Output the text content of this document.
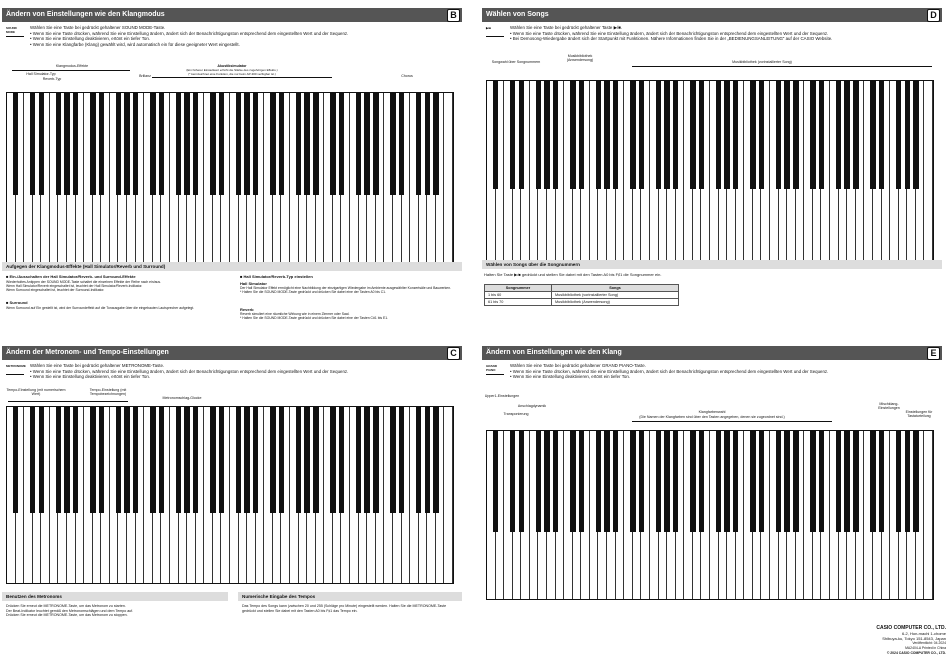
Ändern von Einstellungen wie den Klangmodus	B
SOUND MODE
Wählen Sie eine Taste bei gedrückt gehaltener SOUND MODE-Taste.
• Wenn Sie eine Taste drücken, während Sie eine Einstellung ändern, ändert sich der Benachrichtigungston entsprechend dem eingestellten Wert und der Sequenz.
• Wenn Sie eine Einstellung deaktivieren, ertönt ein tiefer Ton.
• Wenn Sie eine Klangfarbe (Klang) gewählt wird, wird automatisch ein für diese geeigneter Wert eingestellt.
Klangmodus-Effekte
Hall Simulator-Typ
Reverb-Typ
Brillanz
Akustiksimulator
(Ein höherer Einstellwert erhöht die Stärke des zugehörigen Effekts.)
(* kennzeichnet eine Funktion, die nur beim AP-300 verfügbar ist.)
Chorus
Aufgegen der Klangmodus-Effekte (Hall Simulator/Reverb und Surround)
■ Ein-/Ausschalten der Hall Simulator/Reverb- und Surround-Effekte
Wiederholtes Antippen der SOUND MODE-Taste schaltet die einzelnen Effekte der Reihe nach ein/aus.
Wenn Hall Simulator/Reverb eingeschaltet ist, leuchtet der Hall Simulator/Reverb-Indikator.
Wenn Surround eingeschaltet ist, leuchtet der Surround-Indikator.
■ Surround
Wenn Surround auf Ein gestellt ist, wird der Surroundeffekt auf die Tonausgabe über die eingebauten Lautsprecher aufgelegt.
■ Hall Simulator/Reverb-Typ einstellen
Hall Simulator
Der Hall Simulator Effekt ermöglicht eine Nachbildung der einzigartigen Wiedergabe im Ambiente ausgewählter Konzertsäle und Bauwerken.
* Halten Sie die SOUND MODE-Taste gedrückt und drücken Sie dabei eine der Tasten A0 bis C1.
Reverb
Reverb simuliert eine räumliche Wirkung wie in einem Zimmer oder Saal.
* Halten Sie die SOUND MODE-Taste gedrückt und drücken Sie dabei eine der Tasten C#1 bis E1.
Wählen von Songs	D
▶/■	Wählen Sie eine Taste bei gedrückt gehaltener Taste ▶/■.
• Wenn Sie eine Taste drücken, während Sie eine Einstellung ändern, ändert sich der Benachrichtigungston entsprechend dem eingestellten Wert und der Sequenz.
• Bei Demosong-Wiedergabe ändert sich der Startpunkt mit Funktionen. Nähere Informationen finden Sie in der „BEDIENUNGSANLEITUNG“ auf der CASIO Website.
Songwahl über Songnummern
Musikbibliothek (Anwendersong)	Musikbibliothek (vorinstallierter Song)
Wählen von Songs über die Songnummern
Halten Sie Taste ▶/■ gedrückt und stellen Sie dabei mit den Tasten A0 bis F♯1 die Songnummer ein.
Songnummer	Songs
1 bis 60	Musikbibliothek (vorinstallierter Song)
61 bis 70	Musikbibliothek (Anwendersong)
Ändern der Metronom- und Tempo-Einstellungen	C
METRONOME Wählen Sie eine Taste bei gedrückt gehaltener METRONOME-Taste.
• Wenn Sie eine Taste drücken, während Sie eine Einstellung ändern, ändert sich der Benachrichtigungston entsprechend dem eingestellten Wert und der Sequenz.
• Wenn Sie eine Einstellung deaktivieren, ertönt ein tiefer Ton.
Tempo-Einstellung (mit numerischem Wert)
Tempo-Einstellung (mit Tempobezeichnungen)
Metronomschlag-Glocke
Benutzen des Metronoms	Numerische Eingabe des Tempos
Drücken Sie erneut die METRONOME-Taste, um das Metronom zu starten.
Der Beat-Indikator leuchtet gemäß den Metronomschlägen und dem Tempo auf.
Drücken Sie erneut die METRONOME-Taste, um das Metronom zu stoppen.
Das Tempo des Songs kann (zwischen 20 und 255 (Schläge pro Minute) eingestellt werden. Halten Sie die METRONOME-Taste gedrückt und stellen Sie dabei mit den Tasten A0 bis F♯1 das Tempo ein.
Ändern von Einstellungen wie den Klang	E
GRAND PIANO
Wählen Sie eine Taste bei gedrückt gehaltener GRAND PIANO-Taste.
• Wenn Sie eine Taste drücken, während Sie eine Einstellung ändern, ändert sich der Benachrichtigungston entsprechend dem eingestellten Wert und der Sequenz.
• Wenn Sie eine Einstellung deaktivieren, ertönt ein tiefer Ton.
Upper1-Einstellungen
Transponierung
Anschlagdynamik
Klangfarbenwahl
(Die Namen der Klangfarben sind über den Tasten angegeben, denen sie zugeordnet sind.)
Mischklang-Einstellungen
Einstellungen für Tastaturteilung
CASIO COMPUTER CO., LTD.
6-2, Hon-machi 1-chome
Shibuya-ku, Tokyo 151-8543, Japan
Veröffentlicht: 04.2024
MA2404-A Printed in China
© 2024 CASIO COMPUTER CO., LTD.
